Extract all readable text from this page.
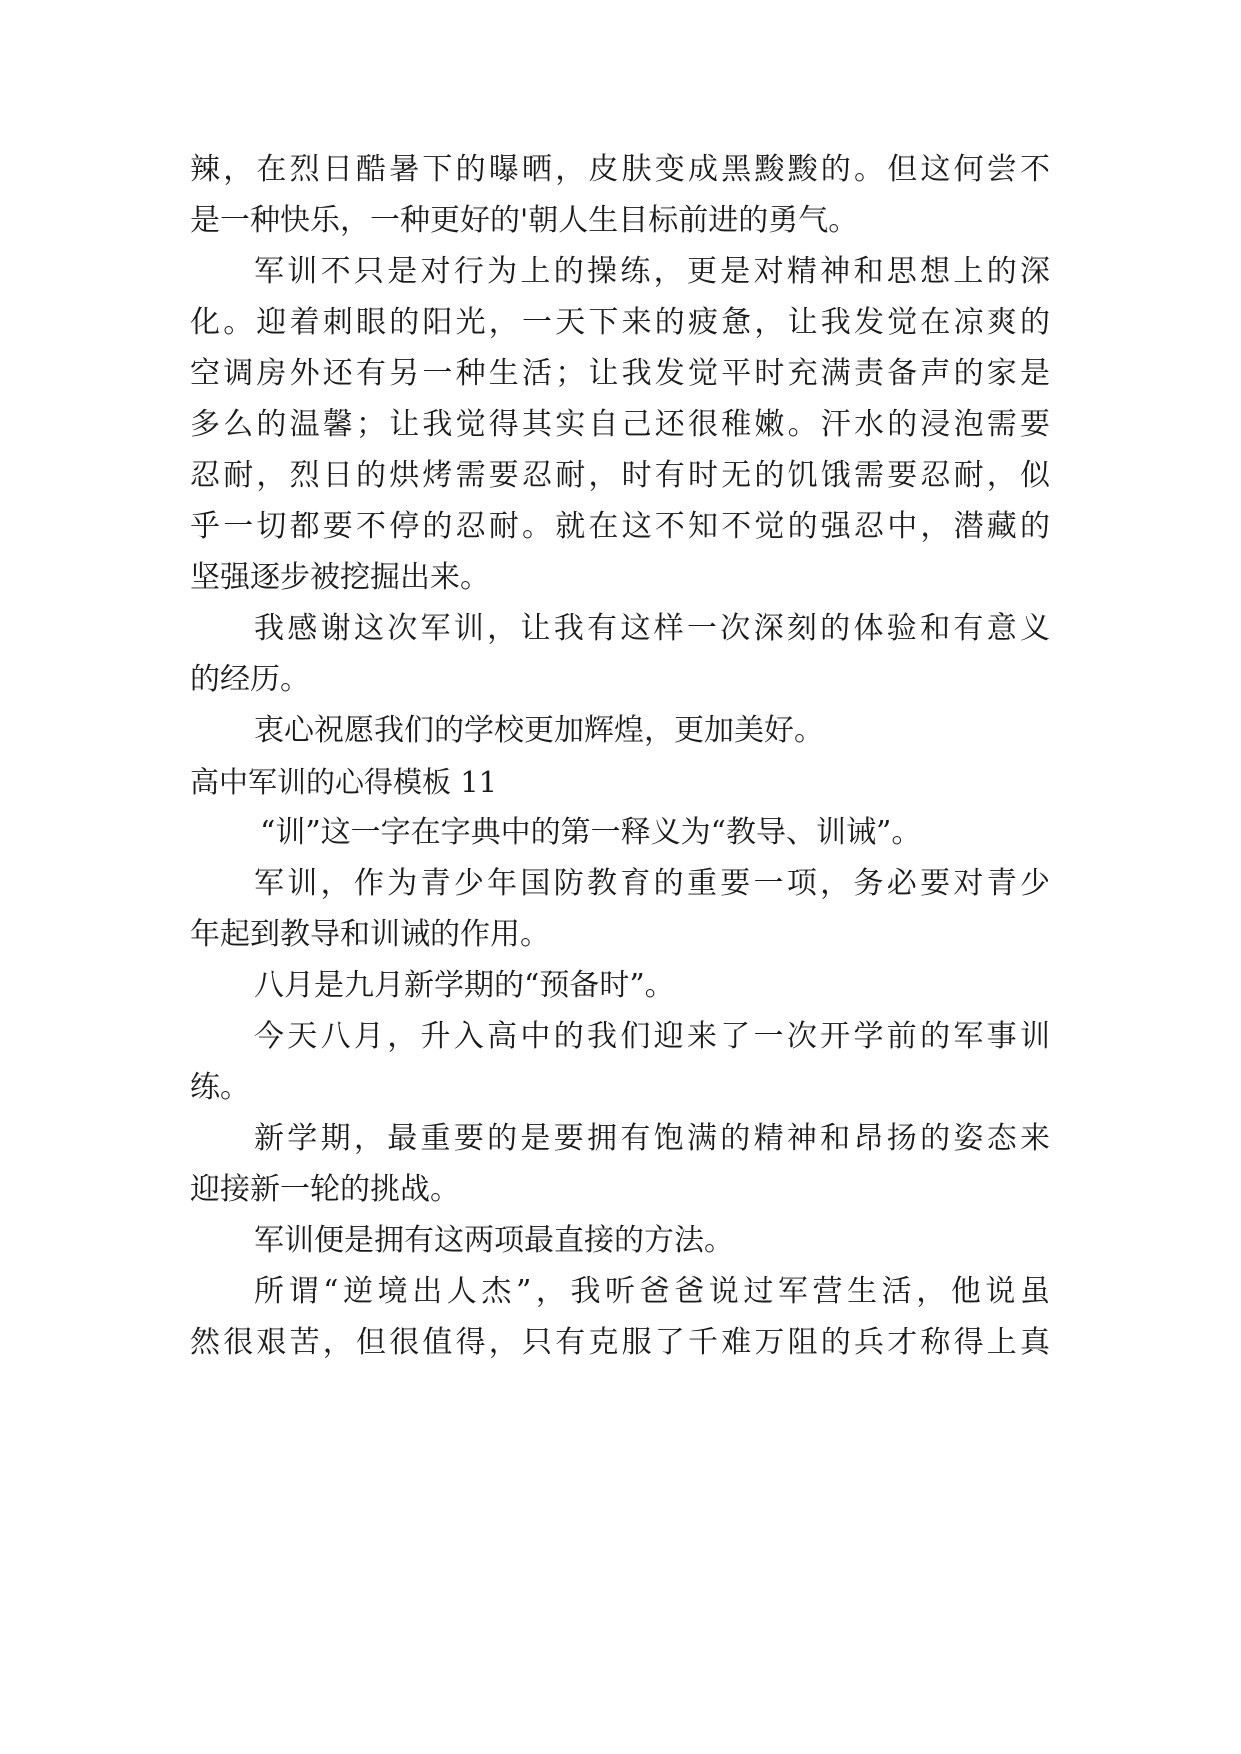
辣，在烈日酷暑下的曝晒，皮肤变成黑黢黢的。但这何尝不
是一种快乐，一种更好的'朝人生目标前进的勇气。
军训不只是对行为上的操练，更是对精神和思想上的深
化。迎着刺眼的阳光，一天下来的疲惫，让我发觉在凉爽的
空调房外还有另一种生活；让我发觉平时充满责备声的家是
多么的温馨；让我觉得其实自己还很稚嫩。汗水的浸泡需要
忍耐，烈日的烘烤需要忍耐，时有时无的饥饿需要忍耐，似
乎一切都要不停的忍耐。就在这不知不觉的强忍中，潜藏的
坚强逐步被挖掘出来。
我感谢这次军训，让我有这样一次深刻的体验和有意义
的经历。
衷心祝愿我们的学校更加辉煌，更加美好。
高中军训的心得模板 11
“训”这一字在字典中的第一释义为“教导、训诫”。
军训，作为青少年国防教育的重要一项，务必要对青少
年起到教导和训诫的作用。
八月是九月新学期的“预备时”。
今天八月，升入高中的我们迎来了一次开学前的军事训
练。
新学期，最重要的是要拥有饱满的精神和昂扬的姿态来
迎接新一轮的挑战。
军训便是拥有这两项最直接的方法。
所谓“逆境出人杰”，我听爸爸说过军营生活，他说虽
然很艰苦，但很值得，只有克服了千难万阻的兵才称得上真
